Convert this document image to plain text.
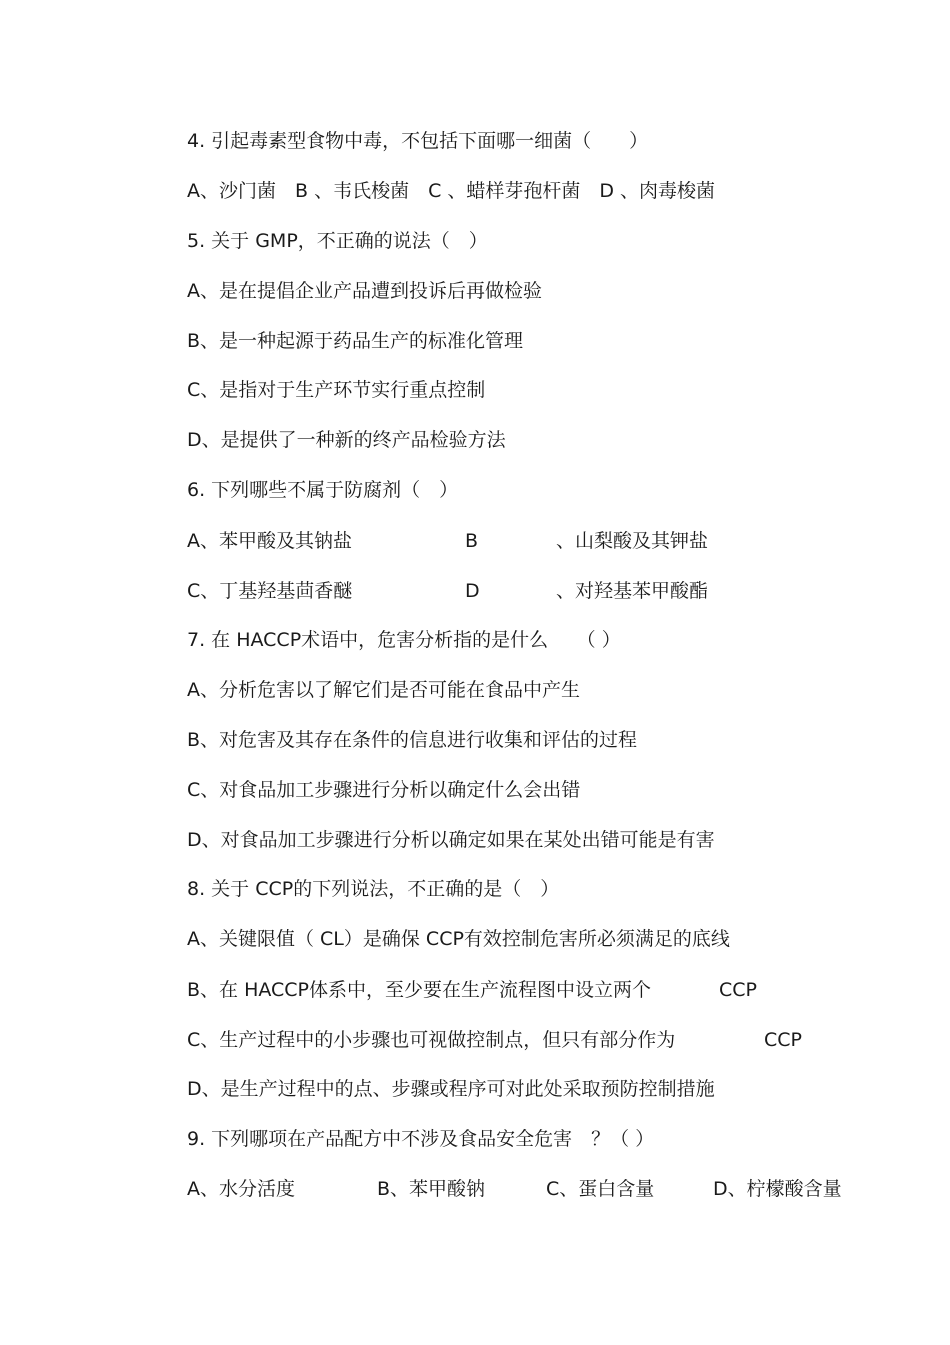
4. 引起毒素型食物中毒，不包括下面哪一细菌（　　）
A、沙门菌　B 、韦氏梭菌　C 、蜡样芽孢杆菌　D 、肉毒梭菌
5. 关于 GMP，不正确的说法（　）
A、是在提倡企业产品遭到投诉后再做检验
B、是一种起源于药品生产的标准化管理
C、是指对于生产环节实行重点控制
D、是提供了一种新的终产品检验方法
6. 下列哪些不属于防腐剂（　）
A、苯甲酸及其钠盐	B	、山梨酸及其钾盐
C、丁基羟基茴香醚	D	、对羟基苯甲酸酯
7. 在 HACCP术语中，危害分析指的是什么　　（ ）
A、分析危害以了解它们是否可能在食品中产生
B、对危害及其存在条件的信息进行收集和评估的过程
C、对食品加工步骤进行分析以确定什么会出错
D、对食品加工步骤进行分析以确定如果在某处出错可能是有害
8. 关于 CCP的下列说法，不正确的是（　）
A、关键限值（ CL）是确保 CCP有效控制危害所必须满足的底线
B、在 HACCP体系中，至少要在生产流程图中设立两个	CCP
C、生产过程中的小步骤也可视做控制点，但只有部分作为	CCP
D、是生产过程中的点、步骤或程序可对此处采取预防控制措施
9. 下列哪项在产品配方中不涉及食品安全危害　？（ ）
A、水分活度	B、苯甲酸钠	C、蛋白含量	D、柠檬酸含量
